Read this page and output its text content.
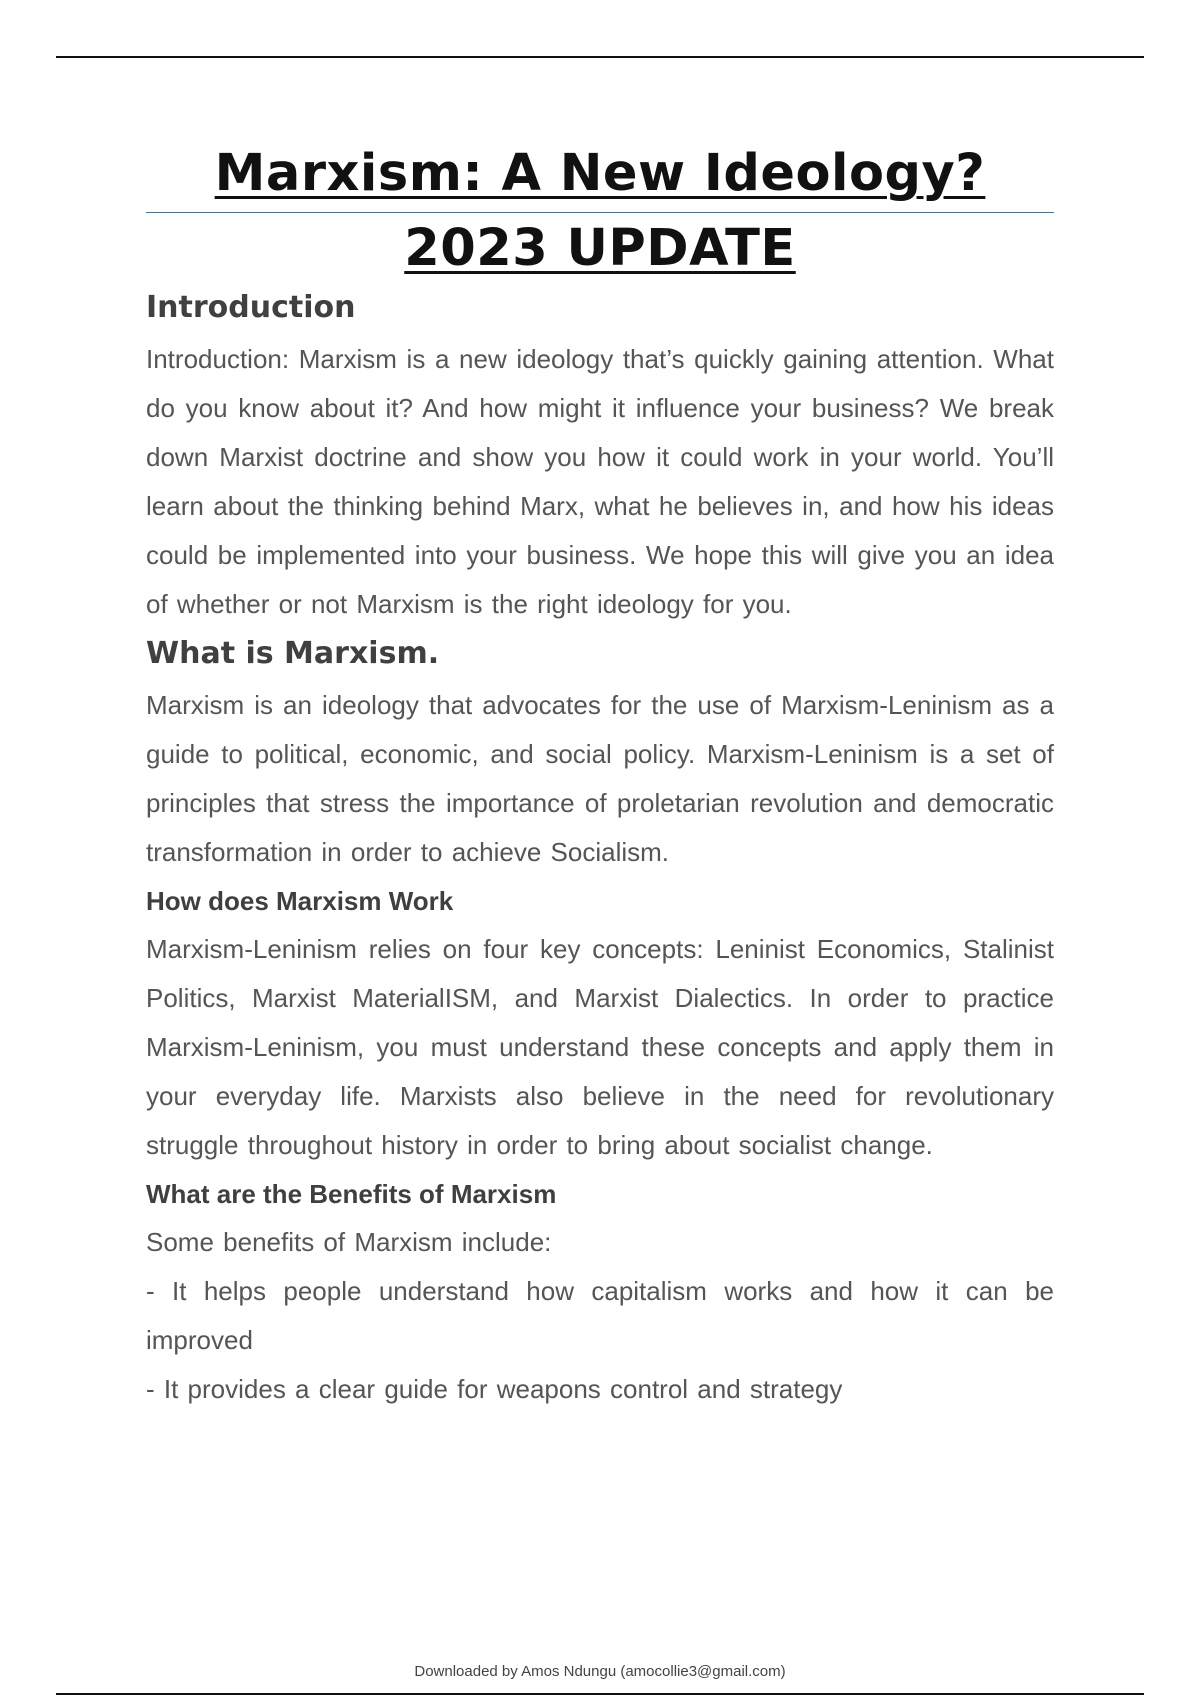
Marxism: A New Ideology?
2023 UPDATE
Introduction

Introduction: Marxism is a new ideology that’s quickly gaining attention. What do you know about it? And how might it influence your business? We break down Marxist doctrine and show you how it could work in your world. You’ll learn about the thinking behind Marx, what he believes in, and how his ideas could be implemented into your business. We hope this will give you an idea of whether or not Marxism is the right ideology for you.

What is Marxism.

Marxism is an ideology that advocates for the use of Marxism-Leninism as a guide to political, economic, and social policy. Marxism-Leninism is a set of principles that stress the importance of proletarian revolution and democratic transformation in order to achieve Socialism.

How does Marxism Work

Marxism-Leninism relies on four key concepts: Leninist Economics, Stalinist Politics, Marxist MaterialISM, and Marxist Dialectics. In order to practice Marxism-Leninism, you must understand these concepts and apply them in your everyday life. Marxists also believe in the need for revolutionary struggle throughout history in order to bring about socialist change.

What are the Benefits of Marxism

Some benefits of Marxism include:

- It helps people understand how capitalism works and how it can be improved

- It provides a clear guide for weapons control and strategy

Downloaded by Amos Ndungu (amocollie3@gmail.com)
